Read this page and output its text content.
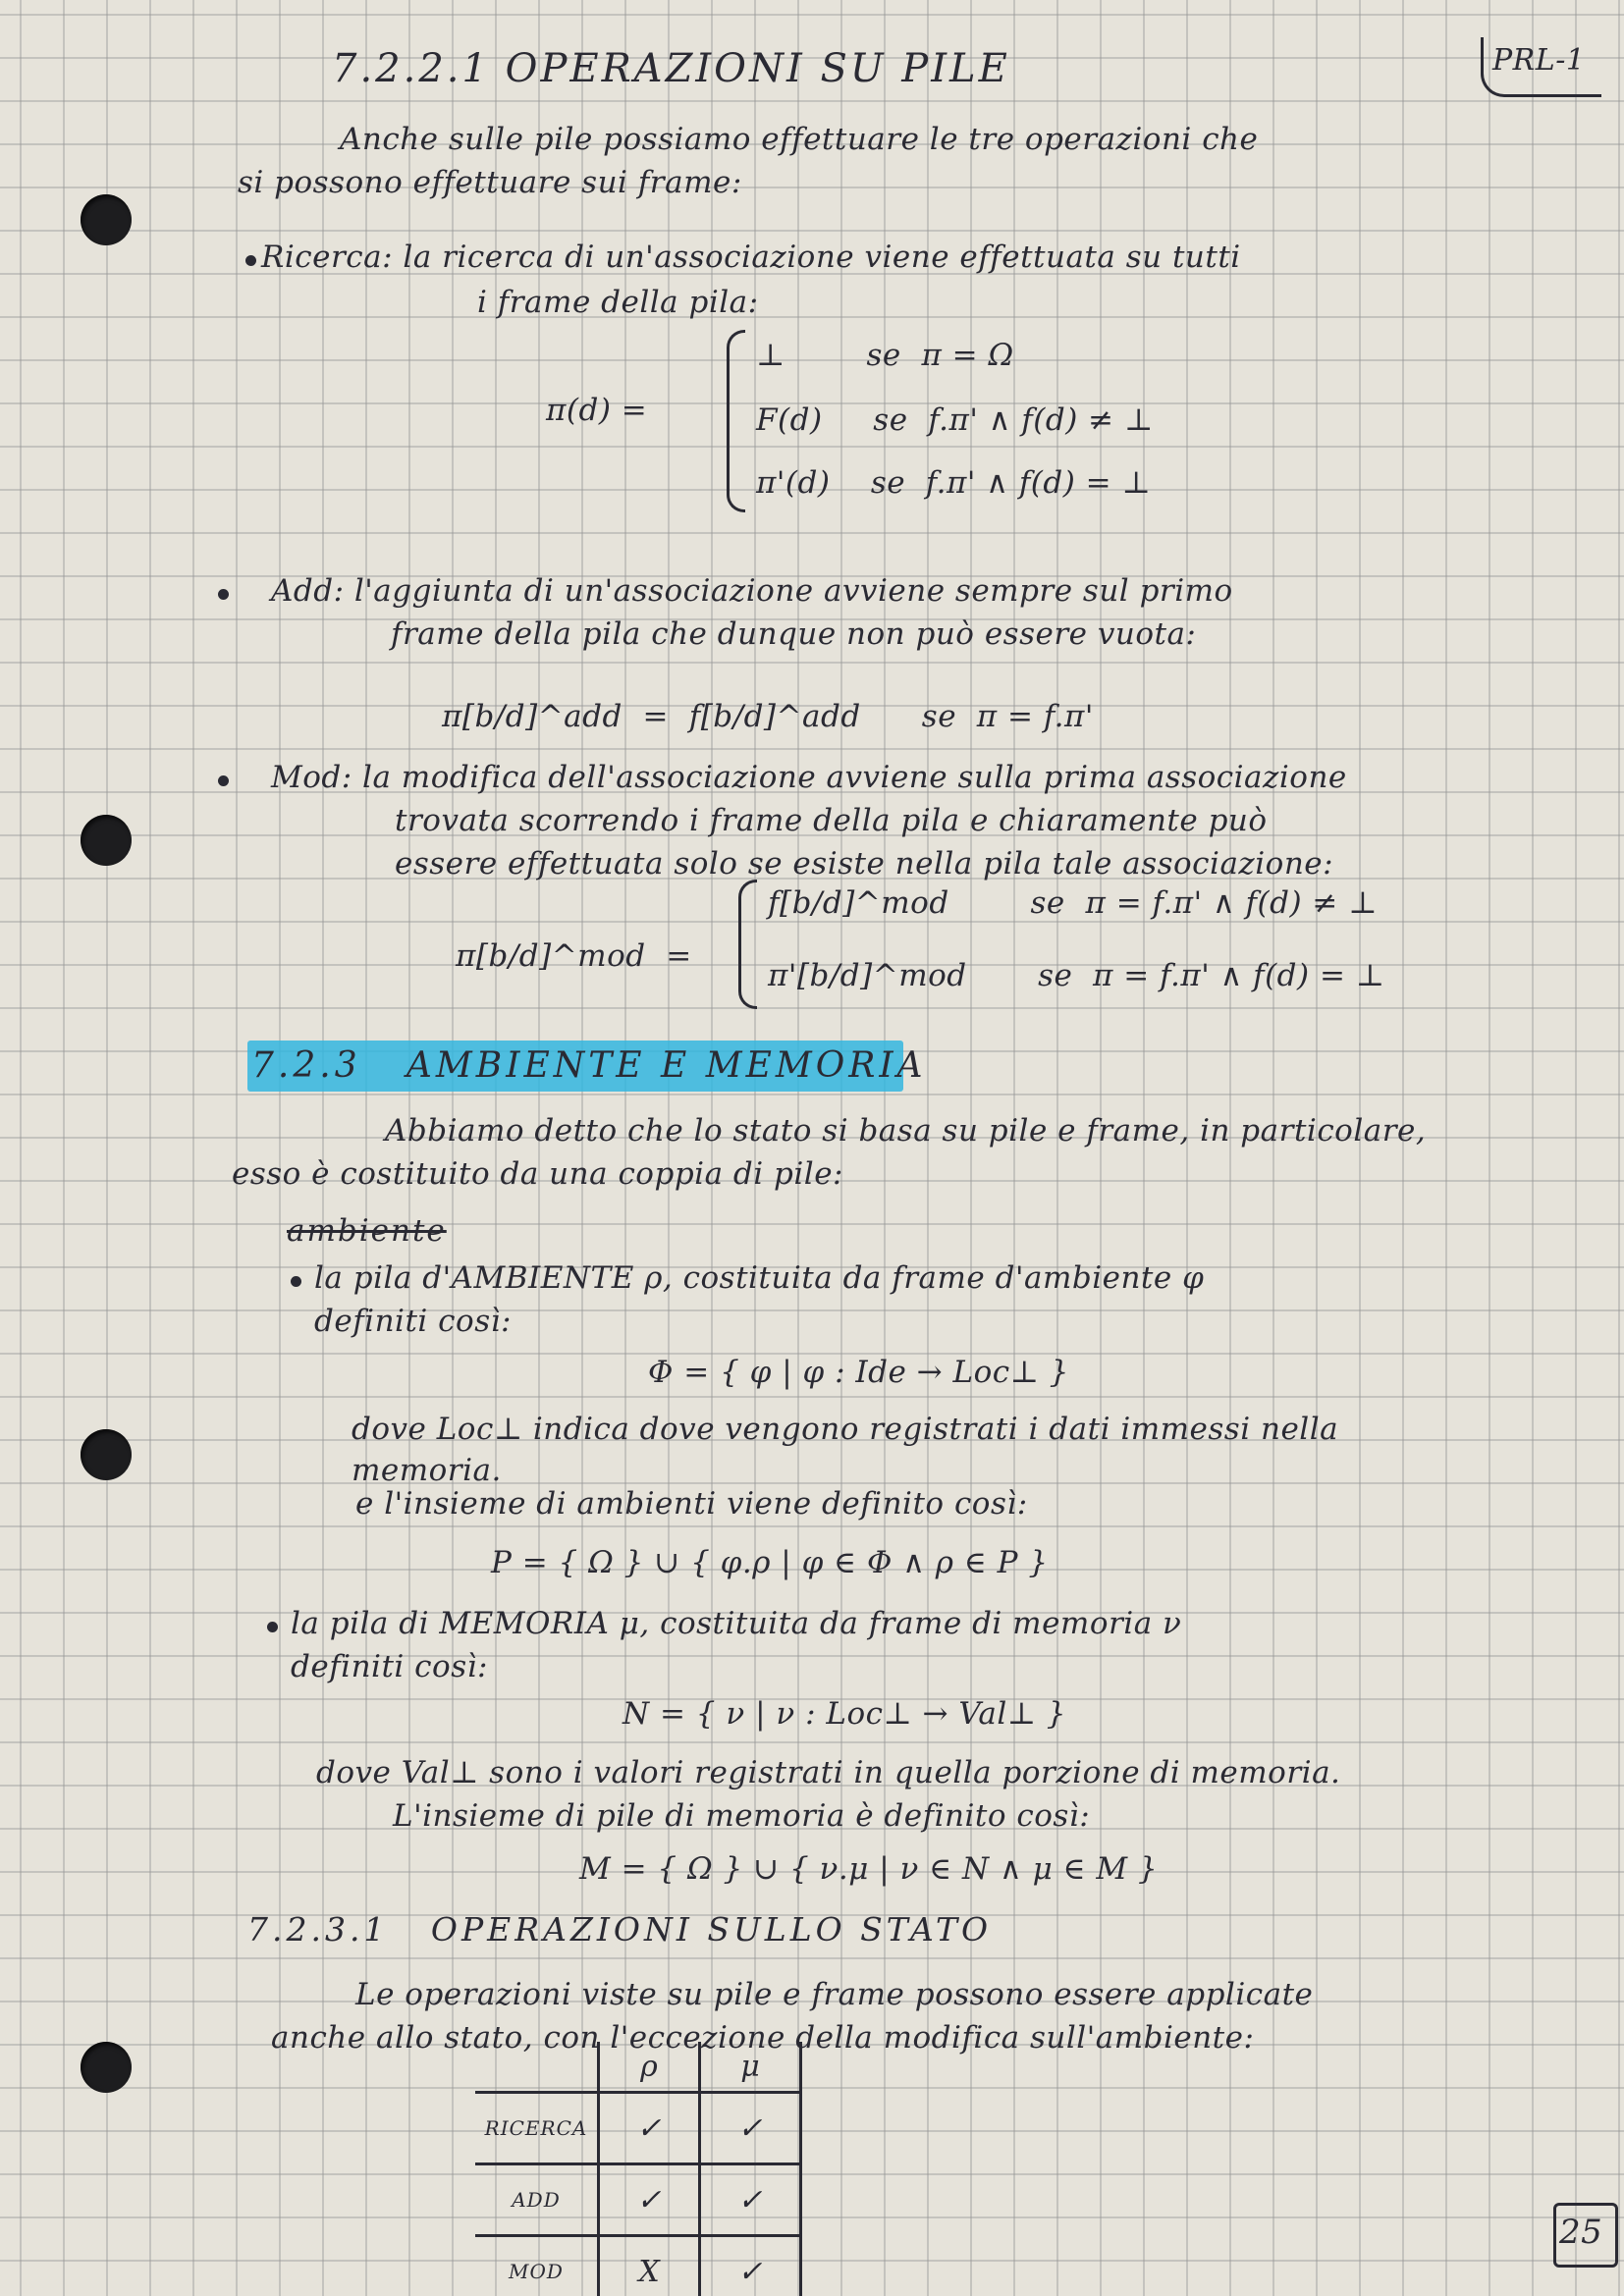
7.2.2.1 OPERAZIONI SU PILE	PRL-1

Anche sulle pile possiamo effettuare le tre operazioni che

si possono effettuare sui frame:

Ricerca: la ricerca di un'associazione viene effettuata su tutti

i frame della pila:

π(d) =

⊥        se  π = Ω

F(d)     se  f.π' ∧ f(d) ≠ ⊥

π'(d)    se  f.π' ∧ f(d) = ⊥

Add: l'aggiunta di un'associazione avviene sempre sul primo

frame della pila che dunque non può essere vuota:

π[b/d]^add  =  f[b/d]^add      se  π = f.π'

Mod: la modifica dell'associazione avviene sulla prima associazione

trovata scorrendo i frame della pila e chiaramente può

essere effettuata solo se esiste nella pila tale associazione:

π[b/d]^mod  =

f[b/d]^mod        se  π = f.π' ∧ f(d) ≠ ⊥

π'[b/d]^mod       se  π = f.π' ∧ f(d) = ⊥

7.2.3   AMBIENTE E MEMORIA

Abbiamo detto che lo stato si basa su pile e frame, in particolare,

esso è costituito da una coppia di pile:

ambiente

la pila d'AMBIENTE ρ, costituita da frame d'ambiente φ

definiti così:

Φ = { φ | φ : Ide → Loc⊥ }

dove Loc⊥ indica dove vengono registrati i dati immessi nella

memoria.

e l'insieme di ambienti viene definito così:

P = { Ω } ∪ { φ.ρ | φ ∈ Φ ∧ ρ ∈ P }

la pila di MEMORIA μ, costituita da frame di memoria ν

definiti così:

N = { ν | ν : Loc⊥ → Val⊥ }

dove Val⊥ sono i valori registrati in quella porzione di memoria.

L'insieme di pile di memoria è definito così:

M = { Ω } ∪ { ν.μ | ν ∈ N ∧ μ ∈ M }

7.2.3.1   OPERAZIONI SULLO STATO

Le operazioni viste su pile e frame possono essere applicate

anche allo stato, con l'eccezione della modifica sull'ambiente:

	ρ	μ
RICERCA	✓	✓
ADD	✓	✓
MOD	X	✓

25
